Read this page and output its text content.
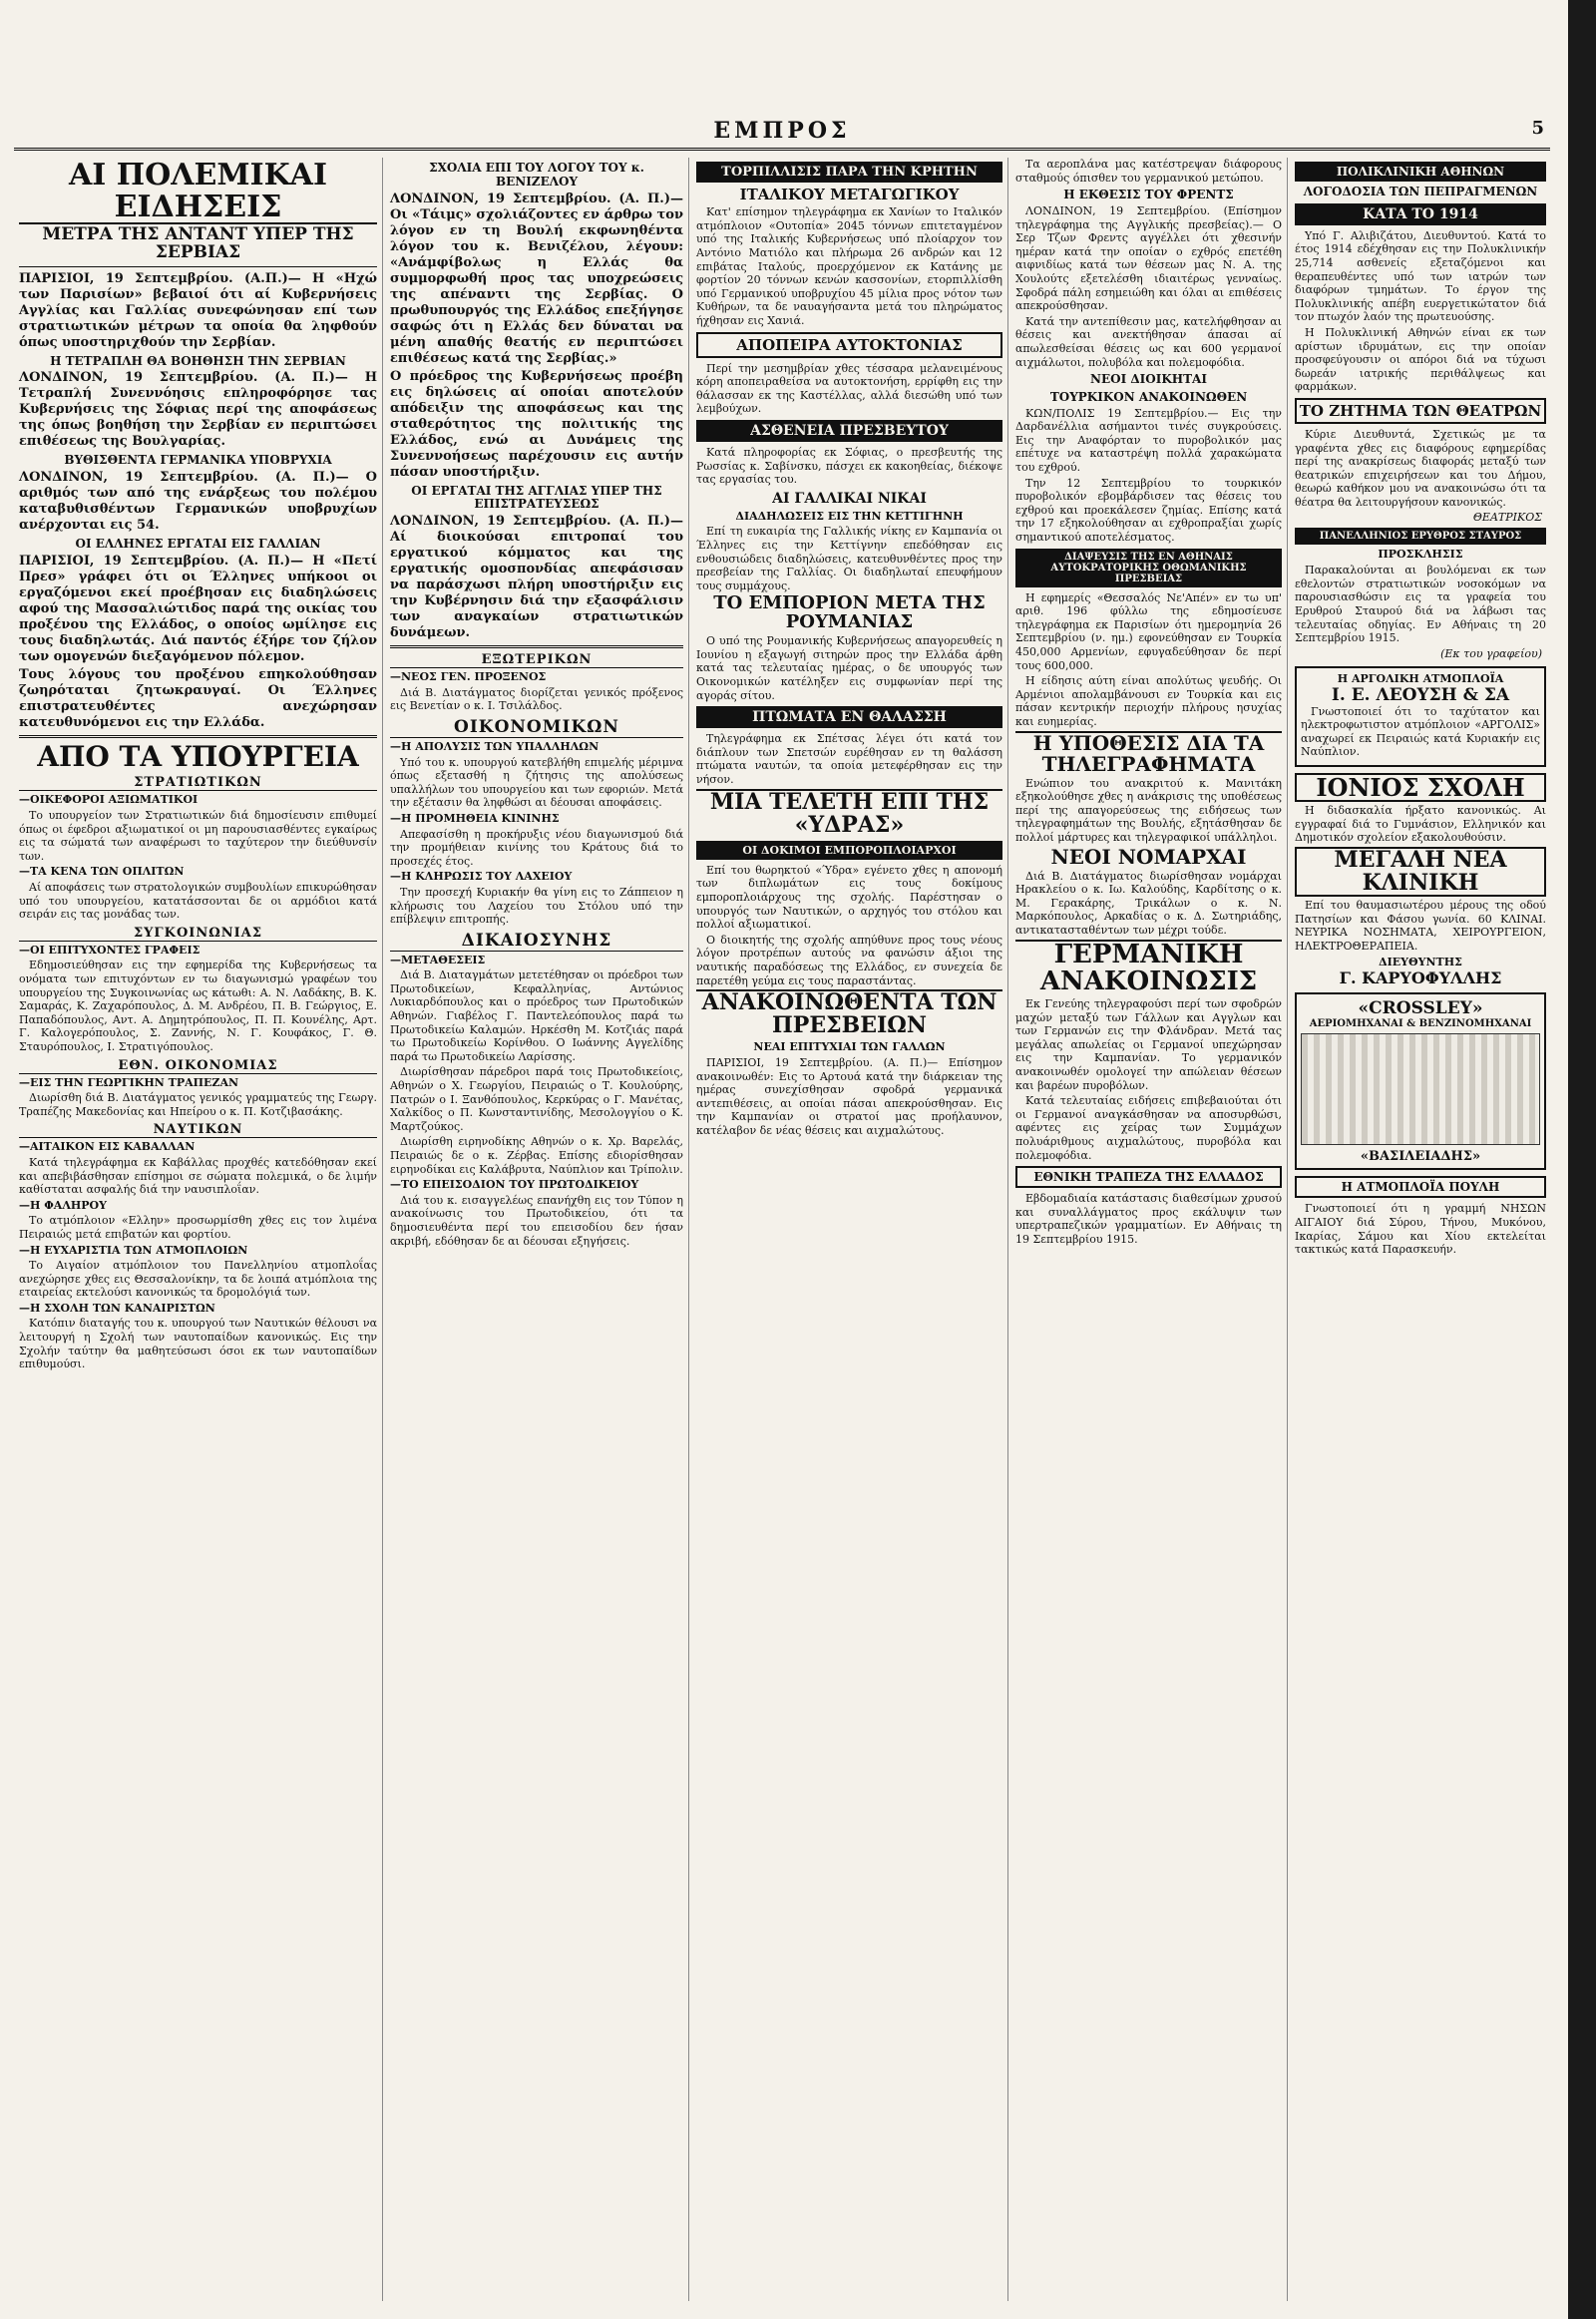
ΕΜΠΡΟΣ	5
ΑΙ ΠΟΛΕΜΙΚΑΙ ΕΙΔΗΣΕΙΣ
ΜΕΤΡΑ ΤΗΣ ΑΝΤΑΝΤ ΥΠΕΡ ΤΗΣ ΣΕΡΒΙΑΣ

ΠΑΡΙΣΙΟΙ, 19 Σεπτεμβρίου. (Α.Π.)— Η «Ηχώ των Παρισίων» βεβαιοί ότι αί Κυβερνήσεις Αγγλίας και Γαλλίας συνεφώνησαν επί των στρατιωτικών μέτρων τα οποία θα ληφθούν όπως υποστηριχθούν την Σερβίαν.

Η ΤΕΤΡΑΠΛΗ ΘΑ ΒΟΗΘΗΣΗ ΤΗΝ ΣΕΡΒΙΑΝ

ΛΟΝΔΙΝΟΝ, 19 Σεπτεμβρίου. (Α. Π.)— Η Τετραπλή Συνεννόησις επληροφόρησε τας Κυβερνήσεις της Σόφιας περί της αποφάσεως της όπως βοηθήση την Σερβίαν εν περιπτώσει επιθέσεως της Βουλγαρίας.

ΒΥΘΙΣΘΕΝΤΑ ΓΕΡΜΑΝΙΚΑ ΥΠΟΒΡΥΧΙΑ

ΛΟΝΔΙΝΟΝ, 19 Σεπτεμβρίου. (Α. Π.)— Ο αριθμός των από της ενάρξεως του πολέμου καταβυθισθέντων Γερμανικών υποβρυχίων ανέρχονται εις 54.

ΟΙ ΕΛΛΗΝΕΣ ΕΡΓΑΤΑΙ ΕΙΣ ΓΑΛΛΙΑΝ

ΠΑΡΙΣΙΟΙ, 19 Σεπτεμβρίου. (Α. Π.)— Η «Πετί Πρεσ» γράφει ότι οι Έλληνες υπήκοοι οι εργαζόμενοι εκεί προέβησαν εις διαδηλώσεις αφού της Μασσαλιώτιδος παρά της οικίας του προξένου της Ελλάδος, ο οποίος ωμίλησε εις τους διαδηλωτάς. Διά παντός έξήρε τον ζήλον των ομογενών διεξαγόμενον πόλεμον.

Τους λόγους του προξένου επηκολούθησαν ζωηρόταται ζητωκραυγαί. Οι Έλληνες επιστρατευθέντες ανεχώρησαν κατευθυνόμενοι εις την Ελλάδα.

ΑΠΟ ΤΑ ΥΠΟΥΡΓΕΙΑ
ΣΤΡΑΤΙΩΤΙΚΩΝ

—ΟΙΚΕΦΟΡΟΙ ΑΞΙΩΜΑΤΙΚΟΙ

Το υπουργείον των Στρατιωτικών διά δημοσίευσιν επιθυμεί όπως οι έφεδροι αξιωματικοί οι μη παρουσιασθέντες εγκαίρως εις τα σώματά των αναφέρωσι το ταχύτερον την διεύθυνσίν των.

—ΤΑ ΚΕΝΑ ΤΩΝ ΟΠΛΙΤΩΝ

Αί αποφάσεις των στρατολογικών συμβουλίων επικυρώθησαν υπό του υπουργείου, κατατάσσονται δε οι αρμόδιοι κατά σειράν εις τας μονάδας των.

ΣΥΓΚΟΙΝΩΝΙΑΣ

—ΟΙ ΕΠΙΤΥΧΟΝΤΕΣ ΓΡΑΦΕΙΣ

Εδημοσιεύθησαν εις την εφημερίδα της Κυβερνήσεως τα ονόματα των επιτυχόντων εν τω διαγωνισμώ γραφέων του υπουργείου της Συγκοινωνίας ως κάτωθι: Α. Ν. Λαδάκης, Β. Κ. Σαμαράς, Κ. Ζαχαρόπουλος, Δ. Μ. Ανδρέου, Π. Β. Γεώργιος, Ε. Παπαδόπουλος, Αντ. Α. Δημητρόπουλος, Π. Π. Κουνέλης, Αρτ. Γ. Καλογερόπουλος, Σ. Ζαννής, Ν. Γ. Κουφάκος, Γ. Θ. Σταυρόπουλος, Ι. Στρατιγόπουλος.

ΕΘΝ. ΟΙΚΟΝΟΜΙΑΣ

—ΕΙΣ ΤΗΝ ΓΕΩΡΓΙΚΗΝ ΤΡΑΠΕΖΑΝ

Διωρίσθη διά Β. Διατάγματος γενικός γραμματεύς της Γεωργ. Τραπέζης Μακεδονίας και Ηπείρου ο κ. Π. Κοτζιβασάκης.

ΝΑΥΤΙΚΩΝ

—ΑΙΤΑΙΚΟΝ ΕΙΣ ΚΑΒΑΛΛΑΝ

Κατά τηλεγράφημα εκ Καβάλλας προχθές κατεδόθησαν εκεί και απεβιβάσθησαν επίσημοι σε σώματα πολεμικά, ο δε λιμήν καθίσταται ασφαλής διά την ναυσιπλοΐαν.

—Η ΦΑΛΗΡΟΥ

Το ατμόπλοιον «Ελλην» προσωρμίσθη χθες εις τον λιμένα Πειραιώς μετά επιβατών και φορτίου.

—Η ΕΥΧΑΡΙΣΤΙΑ ΤΩΝ ΑΤΜΟΠΛΟΙΩΝ

Το Αιγαίον ατμόπλοιον του Πανελληνίου ατμοπλοΐας ανεχώρησε χθες εις Θεσσαλονίκην, τα δε λοιπά ατμόπλοια της εταιρείας εκτελούσι κανονικώς τα δρομολόγιά των.

—Η ΣΧΟΛΗ ΤΩΝ ΚΑΝΑΙΡΙΣΤΩΝ

Κατόπιν διαταγής του κ. υπουργού των Ναυτικών θέλουσι να λειτουργή η Σχολή των ναυτοπαίδων κανονικώς. Εις την Σχολήν ταύτην θα μαθητεύσωσι όσοι εκ των ναυτοπαίδων επιθυμούσι.

ΣΧΟΛΙΑ ΕΠΙ ΤΟΥ ΛΟΓΟΥ ΤΟΥ κ. ΒΕΝΙΖΕΛΟΥ

ΛΟΝΔΙΝΟΝ, 19 Σεπτεμβρίου. (Α. Π.)— Οι «Τάιμς» σχολιάζοντες εν άρθρω τον λόγον εν τη Βουλή εκφωνηθέντα λόγον του κ. Βενιζέλου, λέγουν: «Ανάμφίβολως η Ελλάς θα συμμορφωθή προς τας υποχρεώσεις της απέναντι της Σερβίας. Ο πρωθυπουργός της Ελλάδος επεξήγησε σαφώς ότι η Ελλάς δεν δύναται να μένη απαθής θεατής εν περιπτώσει επιθέσεως κατά της Σερβίας.»

Ο πρόεδρος της Κυβερνήσεως προέβη εις δηλώσεις αί οποίαι αποτελούν απόδειξιν της αποφάσεως και της σταθερότητος της πολιτικής της Ελλάδος, ενώ αι Δυνάμεις της Συνεννοήσεως παρέχουσιν εις αυτήν πάσαν υποστήριξιν.

ΟΙ ΕΡΓΑΤΑΙ ΤΗΣ ΑΓΓΛΙΑΣ ΥΠΕΡ ΤΗΣ ΕΠΙΣΤΡΑΤΕΥΣΕΩΣ

ΛΟΝΔΙΝΟΝ, 19 Σεπτεμβρίου. (Α. Π.)— Αί διοικούσαι επιτροπαί του εργατικού κόμματος και της εργατικής ομοσπονδίας απεφάσισαν να παράσχωσι πλήρη υποστήριξιν εις την Κυβέρνησιν διά την εξασφάλισιν των αναγκαίων στρατιωτικών δυνάμεων.

ΕΞΩΤΕΡΙΚΩΝ

—ΝΕΟΣ ΓΕΝ. ΠΡΟΞΕΝΟΣ

Διά Β. Διατάγματος διορίζεται γενικός πρόξενος εις Βενετίαν ο κ. Ι. Τσιλάλδος.

ΟΙΚΟΝΟΜΙΚΩΝ

—Η ΑΠΟΛΥΣΙΣ ΤΩΝ ΥΠΑΛΛΗΛΩΝ

Υπό του κ. υπουργού κατεβλήθη επιμελής μέριμνα όπως εξετασθή η ζήτησις της απολύσεως υπαλλήλων του υπουργείου και των εφοριών. Μετά την εξέτασιν θα ληφθώσι αι δέουσαι αποφάσεις.

—Η ΠΡΟΜΗΘΕΙΑ ΚΙΝΙΝΗΣ

Απεφασίσθη η προκήρυξις νέου διαγωνισμού διά την προμήθειαν κινίνης του Κράτους διά το προσεχές έτος.

—Η ΚΛΗΡΩΣΙΣ ΤΟΥ ΛΑΧΕΙΟΥ

Την προσεχή Κυριακήν θα γίνη εις το Ζάππειον η κλήρωσις του Λαχείου του Στόλου υπό την επίβλεψιν επιτροπής.

ΔΙΚΑΙΟΣΥΝΗΣ

—ΜΕΤΑΘΕΣΕΙΣ

Διά Β. Διαταγμάτων μετετέθησαν οι πρόεδροι των Πρωτοδικείων, Κεφαλληνίας, Αντώνιος Λυκιαρδόπουλος και ο πρόεδρος των Πρωτοδικών Αθηνών. Γιαβέλος Γ. Παντελεόπουλος παρά τω Πρωτοδικείω Καλαμών. Ηρκέσθη Μ. Κοτζιάς παρά τω Πρωτοδικείω Κορίνθου. Ο Ιωάννης Αγγελίδης παρά τω Πρωτοδικείω Λαρίσσης.

Διωρίσθησαν πάρεδροι παρά τοις Πρωτοδικείοις, Αθηνών ο Χ. Γεωργίου, Πειραιώς ο Τ. Κουλούρης, Πατρών ο Ι. Ξανθόπουλος, Κερκύρας ο Γ. Μανέτας, Χαλκίδος ο Π. Κωνσταντινίδης, Μεσολογγίου ο Κ. Μαρτζούκος.

Διωρίσθη ειρηνοδίκης Αθηνών ο κ. Χρ. Βαρελάς, Πειραιώς δε ο κ. Ζέρβας. Επίσης εδιορίσθησαν ειρηνοδίκαι εις Καλάβρυτα, Ναύπλιον και Τρίπολιν.

—ΤΟ ΕΠΕΙΣΟΔΙΟΝ ΤΟΥ ΠΡΩΤΟΔΙΚΕΙΟΥ

Διά του κ. εισαγγελέως επανήχθη εις τον Τύπον η ανακοίνωσις του Πρωτοδικείου, ότι τα δημοσιευθέντα περί του επεισοδίου δεν ήσαν ακριβή, εδόθησαν δε αι δέουσαι εξηγήσεις.

ΤΟΡΠΙΛΛΙΣΙΣ ΠΑΡΑ ΤΗΝ ΚΡΗΤΗΝ
ΙΤΑΛΙΚΟΥ ΜΕΤΑΓΩΓΙΚΟΥ

Κατ' επίσημον τηλεγράφημα εκ Χανίων το Ιταλικόν ατμόπλοιον «Ουτοπία» 2045 τόννων επιτεταγμένον υπό της Ιταλικής Κυβερνήσεως υπό πλοίαρχον τον Αντόνιο Ματιόλο και πλήρωμα 26 ανδρών και 12 επιβάτας Ιταλούς, προερχόμενον εκ Κατάνης με φορτίον 20 τόννων κενών κασσονίων, ετορπιλλίσθη υπό Γερμανικού υποβρυχίου 45 μίλια προς νότον των Κυθήρων, τα δε ναυαγήσαντα μετά του πληρώματος ήχθησαν εις Χανιά.

ΑΠΟΠΕΙΡΑ ΑΥΤΟΚΤΟΝΙΑΣ

Περί την μεσημβρίαν χθες τέσσαρα μελανειμένους κόρη αποπειραθείσα να αυτοκτονήση, ερρίφθη εις την θάλασσαν εκ της Καστέλλας, αλλά διεσώθη υπό των λεμβούχων.

ΑΣΘΕΝΕΙΑ ΠΡΕΣΒΕΥΤΟΥ

Κατά πληροφορίας εκ Σόφιας, ο πρεσβευτής της Ρωσσίας κ. Σαβίνσκυ, πάσχει εκ κακοηθείας, διέκοψε τας εργασίας του.

ΑΙ ΓΑΛΛΙΚΑΙ ΝΙΚΑΙ
ΔΙΑΔΗΛΩΣΕΙΣ ΕΙΣ ΤΗΝ ΚΕΤΤΙΓΗΝΗ

Επί τη ευκαιρία της Γαλλικής νίκης εν Καμπανία οι Έλληνες εις την Κεττίγνην επεδόθησαν εις ενθουσιώδεις διαδηλώσεις, κατευθυνθέντες προς την πρεσβείαν της Γαλλίας. Οι διαδηλωταί επευφήμουν τους συμμάχους.

ΤΟ ΕΜΠΟΡΙΟΝ ΜΕΤΑ ΤΗΣ ΡΟΥΜΑΝΙΑΣ

Ο υπό της Ρουμανικής Κυβερνήσεως απαγορευθείς η Ιουνίου η εξαγωγή σιτηρών προς την Ελλάδα άρθη κατά τας τελευταίας ημέρας, ο δε υπουργός των Οικονομικών κατέληξεν εις συμφωνίαν περί της αγοράς σίτου.

ΠΤΩΜΑΤΑ ΕΝ ΘΑΛΑΣΣΗ

Τηλεγράφημα εκ Σπέτσας λέγει ότι κατά τον διάπλουν των Σπετσών ευρέθησαν εν τη θαλάσση πτώματα ναυτών, τα οποία μετεφέρθησαν εις την νήσον.

ΜΙΑ ΤΕΛΕΤΗ ΕΠΙ ΤΗΣ «ΥΔΡΑΣ»
ΟΙ ΔΟΚΙΜΟΙ ΕΜΠΟΡΟΠΛΟΙΑΡΧΟΙ

Επί του θωρηκτού «Ύδρα» εγένετο χθες η απονομή των διπλωμάτων εις τους δοκίμους εμποροπλοιάρχους της σχολής. Παρέστησαν ο υπουργός των Ναυτικών, ο αρχηγός του στόλου και πολλοί αξιωματικοί.

Ο διοικητής της σχολής απηύθυνε προς τους νέους λόγον προτρέπων αυτούς να φανώσιν άξιοι της ναυτικής παραδόσεως της Ελλάδος, εν συνεχεία δε παρετέθη γεύμα εις τους παραστάντας.

ΑΝΑΚΟΙΝΩΘΕΝΤΑ ΤΩΝ ΠΡΕΣΒΕΙΩΝ
ΝΕΑΙ ΕΠΙΤΥΧΙΑΙ ΤΩΝ ΓΑΛΛΩΝ

ΠΑΡΙΣΙΟΙ, 19 Σεπτεμβρίου. (Α. Π.)— Επίσημον ανακοινωθέν: Εις το Αρτουά κατά την διάρκειαν της ημέρας συνεχίσθησαν σφοδρά γερμανικά αντεπιθέσεις, αι οποίαι πάσαι απεκρούσθησαν. Εις την Καμπανίαν οι στρατοί μας προήλαυνον, κατέλαβον δε νέας θέσεις και αιχμαλώτους.

Τα αεροπλάνα μας κατέστρεψαν διάφορους σταθμούς όπισθεν του γερμανικού μετώπου.

Η ΕΚΘΕΣΙΣ ΤΟΥ ΦΡΕΝΤΣ

ΛΟΝΔΙΝΟΝ, 19 Σεπτεμβρίου. (Επίσημον τηλεγράφημα της Αγγλικής πρεσβείας).— Ο Σερ Τζων Φρεντς αγγέλλει ότι χθεσινήν ημέραν κατά την οποίαν ο εχθρός επετέθη αιφνιδίως κατά των θέσεων μας Ν. Α. της Χουλούτς εξετελέσθη ιδιαιτέρως γενναίως. Σφοδρά πάλη εσημειώθη και όλαι αι επιθέσεις απεκρούσθησαν.

Κατά την αντεπίθεσιν μας, κατελήφθησαν αι θέσεις και ανεκτήθησαν άπασαι αί απωλεσθείσαι θέσεις ως και 600 γερμανοί αιχμάλωτοι, πολυβόλα και πολεμοφόδια.

ΝΕΟΙ ΔΙΟΙΚΗΤΑΙ
ΤΟΥΡΚΙΚΟΝ ΑΝΑΚΟΙΝΩΘΕΝ

ΚΩΝ/ΠΟΛΙΣ 19 Σεπτεμβρίου.— Εις την Δαρδανέλλια ασήμαντοι τινές συγκρούσεις. Εις την Αναφόρταν το πυροβολικόν μας επέτυχε να καταστρέψη πολλά χαρακώματα του εχθρού.

Την 12 Σεπτεμβρίου το τουρκικόν πυροβολικόν εβομβάρδισεν τας θέσεις του εχθρού και προεκάλεσεν ζημίας. Επίσης κατά την 17 εξηκολούθησαν αι εχθροπραξίαι χωρίς σημαντικού αποτελέσματος.

ΔΙΑΨΕΥΣΙΣ ΤΗΣ ΕΝ ΑΘΗΝΑΙΣ ΑΥΤΟΚΡΑΤΟΡΙΚΗΣ ΟΘΩΜΑΝΙΚΗΣ ΠΡΕΣΒΕΙΑΣ

Η εφημερίς «Θεσσαλός Νε'Απέν» εν τω υπ' αριθ. 196 φύλλω της εδημοσίευσε τηλεγράφημα εκ Παρισίων ότι ημερομηνία 26 Σεπτεμβρίου (ν. ημ.) εφονεύθησαν εν Τουρκία 450,000 Αρμενίων, εφυγαδεύθησαν δε περί τους 600,000.

Η είδησις αύτη είναι απολύτως ψευδής. Οι Αρμένιοι απολαμβάνουσι εν Τουρκία και εις πάσαν κεντρικήν περιοχήν πλήρους ησυχίας και ευημερίας.

Η ΥΠΟΘΕΣΙΣ ΔΙΑ ΤΑ ΤΗΛΕΓΡΑΦΗΜΑΤΑ

Ενώπιον του ανακριτού κ. Μανιτάκη εξηκολούθησε χθες η ανάκρισις της υποθέσεως περί της απαγορεύσεως της ειδήσεως των τηλεγραφημάτων της Βουλής, εξητάσθησαν δε πολλοί μάρτυρες και τηλεγραφικοί υπάλληλοι.

ΝΕΟΙ ΝΟΜΑΡΧΑΙ

Διά Β. Διατάγματος διωρίσθησαν νομάρχαι Ηρακλείου ο κ. Ιω. Καλούδης, Καρδίτσης ο κ. Μ. Γερακάρης, Τρικάλων ο κ. Ν. Μαρκόπουλος, Αρκαδίας ο κ. Δ. Σωτηριάδης, αντικατασταθέντων των μέχρι τούδε.

ΓΕΡΜΑΝΙΚΗ ΑΝΑΚΟΙΝΩΣΙΣ

Εκ Γενεύης τηλεγραφούσι περί των σφοδρών μαχών μεταξύ των Γάλλων και Αγγλων και των Γερμανών εις την Φλάνδραν. Μετά τας μεγάλας απωλείας οι Γερμανοί υπεχώρησαν εις την Καμπανίαν. Το γερμανικόν ανακοινωθέν ομολογεί την απώλειαν θέσεων και βαρέων πυροβόλων.

Κατά τελευταίας ειδήσεις επιβεβαιούται ότι οι Γερμανοί αναγκάσθησαν να αποσυρθώσι, αφέντες εις χείρας των Συμμάχων πολυάριθμους αιχμαλώτους, πυροβόλα και πολεμοφόδια.

ΕΘΝΙΚΗ ΤΡΑΠΕΖΑ ΤΗΣ ΕΛΛΑΔΟΣ

Εβδομαδιαία κατάστασις διαθεσίμων χρυσού και συναλλάγματος προς εκάλυψιν των υπερτραπεζικών γραμματίων. Εν Αθήναις τη 19 Σεπτεμβρίου 1915.

ΠΟΛΙΚΛΙΝΙΚΗ ΑΘΗΝΩΝ
ΛΟΓΟΔΟΣΙΑ ΤΩΝ ΠΕΠΡΑΓΜΕΝΩΝ
ΚΑΤΑ ΤΟ 1914

Υπό Γ. Αλιβιζάτου, Διευθυντού. Κατά το έτος 1914 εδέχθησαν εις την Πολυκλινικήν 25,714 ασθενείς εξεταζόμενοι και θεραπευθέντες υπό των ιατρών των διαφόρων τμημάτων. Το έργον της Πολυκλινικής απέβη ευεργετικώτατον διά τον πτωχόν λαόν της πρωτευούσης.

Η Πολυκλινική Αθηνών είναι εκ των αρίστων ιδρυμάτων, εις την οποίαν προσφεύγουσιν οι απόροι διά να τύχωσι δωρεάν ιατρικής περιθάλψεως και φαρμάκων.

ΤΟ ΖΗΤΗΜΑ ΤΩΝ ΘΕΑΤΡΩΝ

Κύριε Διευθυντά, Σχετικώς με τα γραφέντα χθες εις διαφόρους εφημερίδας περί της ανακρίσεως διαφοράς μεταξύ των θεατρικών επιχειρήσεων και του Δήμου, θεωρώ καθήκον μου να ανακοινώσω ότι τα θέατρα θα λειτουργήσουν κανονικώς.

ΘΕΑΤΡΙΚΟΣ
ΠΑΝΕΛΛΗΝΙΟΣ ΕΡΥΘΡΟΣ ΣΤΑΥΡΟΣ
ΠΡΟΣΚΛΗΣΙΣ

Παρακαλούνται αι βουλόμεναι εκ των εθελοντών στρατιωτικών νοσοκόμων να παρουσιασθώσιν εις τα γραφεία του Ερυθρού Σταυρού διά να λάβωσι τας τελευταίας οδηγίας. Εν Αθήναις τη 20 Σεπτεμβρίου 1915.

(Εκ του γραφείου)
Η ΑΡΓΟΛΙΚΗ ΑΤΜΟΠΛΟΪΑ
Ι. Ε. ΛΕΟΥΣΗ & ΣΑ

Γνωστοποιεί ότι το ταχύτατον και ηλεκτροφωτιστον ατμόπλοιον «ΑΡΓΟΛΙΣ» αναχωρεί εκ Πειραιώς κατά Κυριακήν εις Ναύπλιον.

ΙΟΝΙΟΣ ΣΧΟΛΗ

Η διδασκαλία ήρξατο κανονικώς. Αι εγγραφαί διά το Γυμνάσιον, Ελληνικόν και Δημοτικόν σχολείον εξακολουθούσιν.

ΜΕΓΑΛΗ ΝΕΑ ΚΛΙΝΙΚΗ

Επί του θαυμασιωτέρου μέρους της οδού Πατησίων και Φάσου γωνία. 60 ΚΛΙΝΑΙ. ΝΕΥΡΙΚΑ ΝΟΣΗΜΑΤΑ, ΧΕΙΡΟΥΡΓΕΙΟΝ, ΗΛΕΚΤΡΟΘΕΡΑΠΕΙΑ.

ΔΙΕΥΘΥΝΤΗΣ
Γ. ΚΑΡΥΟΦΥΛΛΗΣ
«CROSSLEY»
ΑΕΡΙΟΜΗΧΑΝΑΙ & ΒΕΝΖΙΝΟΜΗΧΑΝΑΙ
«ΒΑΣΙΛΕΙΑΔΗΣ»
Η ΑΤΜΟΠΛΟΪΑ ΠΟΥΛΗ

Γνωστοποιεί ότι η γραμμή ΝΗΣΩΝ ΑΙΓΑΙΟΥ διά Σύρου, Τήνου, Μυκόνου, Ικαρίας, Σάμου και Χίου εκτελείται τακτικώς κατά Παρασκευήν.
